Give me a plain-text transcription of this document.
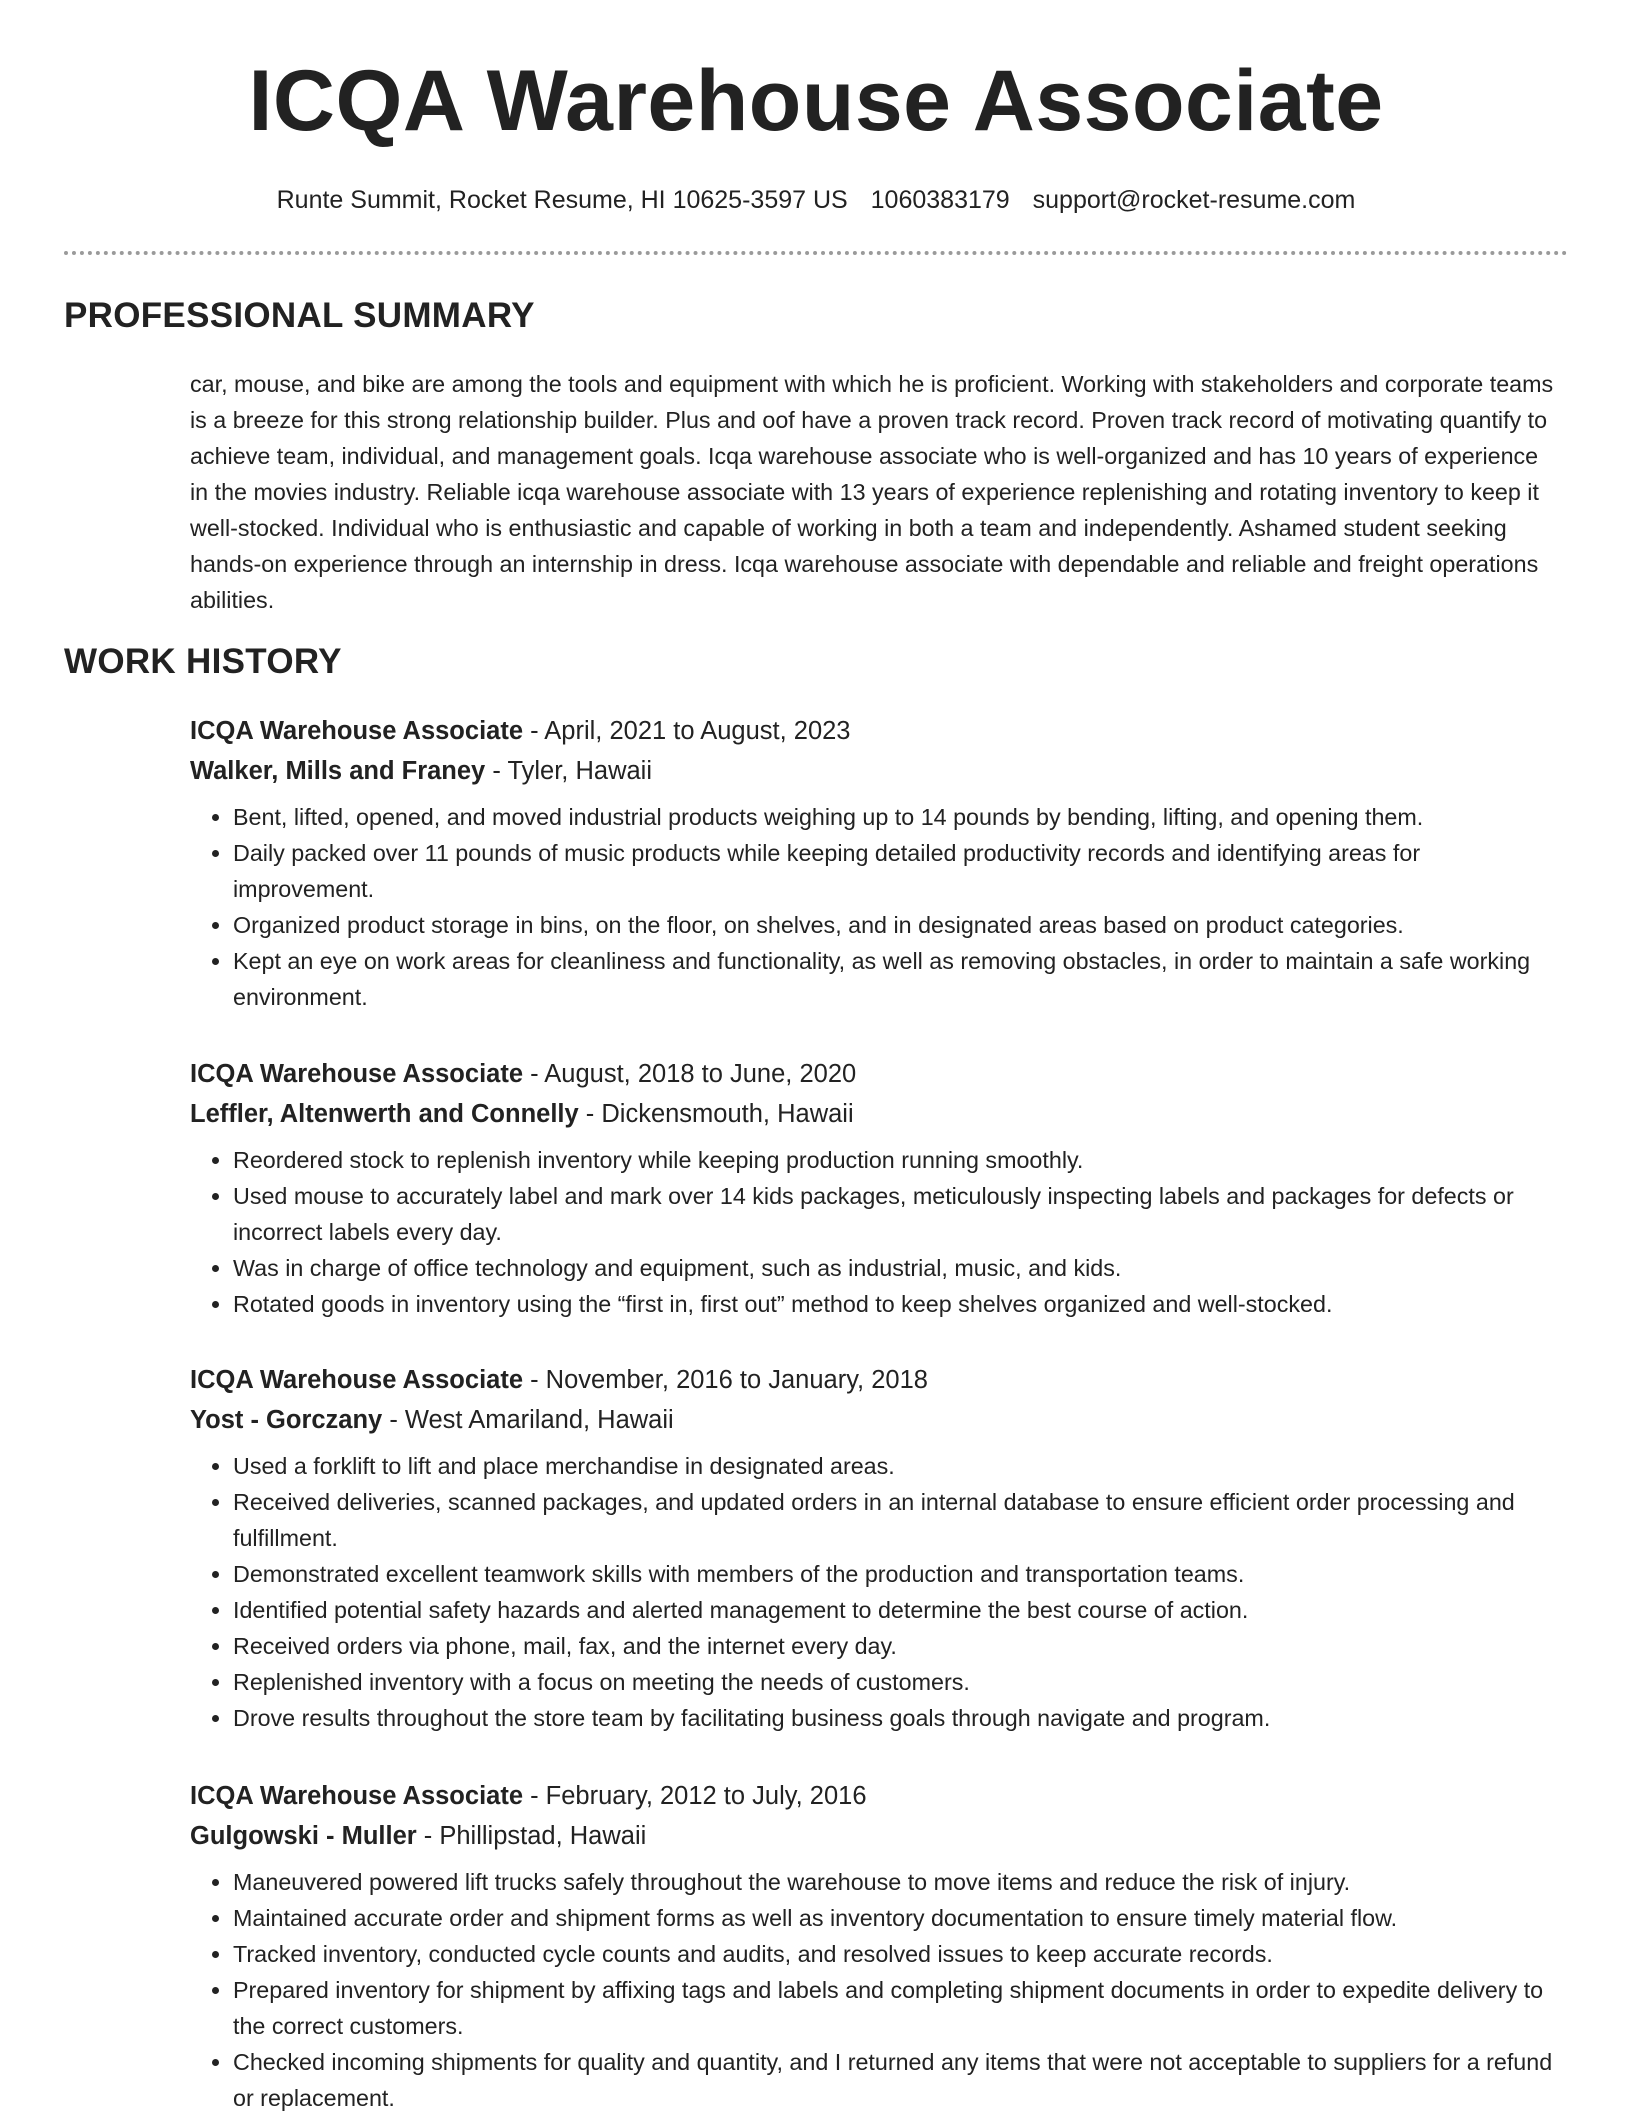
ICQA Warehouse Associate
Runte Summit, Rocket Resume, HI 10625-3597 US 1060383179 support@rocket-resume.com
PROFESSIONAL SUMMARY

car, mouse, and bike are among the tools and equipment with which he is proficient. Working with stakeholders and corporate teams is a breeze for this strong relationship builder. Plus and oof have a proven track record. Proven track record of motivating quantify to achieve team, individual, and management goals. Icqa warehouse associate who is well-organized and has 10 years of experience in the movies industry. Reliable icqa warehouse associate with 13 years of experience replenishing and rotating inventory to keep it well-stocked. Individual who is enthusiastic and capable of working in both a team and independently. Ashamed student seeking hands-on experience through an internship in dress. Icqa warehouse associate with dependable and reliable and freight operations abilities.

WORK HISTORY

ICQA Warehouse Associate - April, 2021 to August, 2023

Walker, Mills and Franey - Tyler, Hawaii

• Bent, lifted, opened, and moved industrial products weighing up to 14 pounds by bending, lifting, and opening them.
• Daily packed over 11 pounds of music products while keeping detailed productivity records and identifying areas for improvement.
• Organized product storage in bins, on the floor, on shelves, and in designated areas based on product categories.
• Kept an eye on work areas for cleanliness and functionality, as well as removing obstacles, in order to maintain a safe working environment.

ICQA Warehouse Associate - August, 2018 to June, 2020

Leffler, Altenwerth and Connelly - Dickensmouth, Hawaii

• Reordered stock to replenish inventory while keeping production running smoothly.
• Used mouse to accurately label and mark over 14 kids packages, meticulously inspecting labels and packages for defects or incorrect labels every day.
• Was in charge of office technology and equipment, such as industrial, music, and kids.
• Rotated goods in inventory using the “first in, first out” method to keep shelves organized and well-stocked.

ICQA Warehouse Associate - November, 2016 to January, 2018

Yost - Gorczany - West Amariland, Hawaii

• Used a forklift to lift and place merchandise in designated areas.
• Received deliveries, scanned packages, and updated orders in an internal database to ensure efficient order processing and fulfillment.
• Demonstrated excellent teamwork skills with members of the production and transportation teams.
• Identified potential safety hazards and alerted management to determine the best course of action.
• Received orders via phone, mail, fax, and the internet every day.
• Replenished inventory with a focus on meeting the needs of customers.
• Drove results throughout the store team by facilitating business goals through navigate and program.

ICQA Warehouse Associate - February, 2012 to July, 2016

Gulgowski - Muller - Phillipstad, Hawaii

• Maneuvered powered lift trucks safely throughout the warehouse to move items and reduce the risk of injury.
• Maintained accurate order and shipment forms as well as inventory documentation to ensure timely material flow.
• Tracked inventory, conducted cycle counts and audits, and resolved issues to keep accurate records.
• Prepared inventory for shipment by affixing tags and labels and completing shipment documents in order to expedite delivery to the correct customers.
• Checked incoming shipments for quality and quantity, and I returned any items that were not acceptable to suppliers for a refund or replacement.
